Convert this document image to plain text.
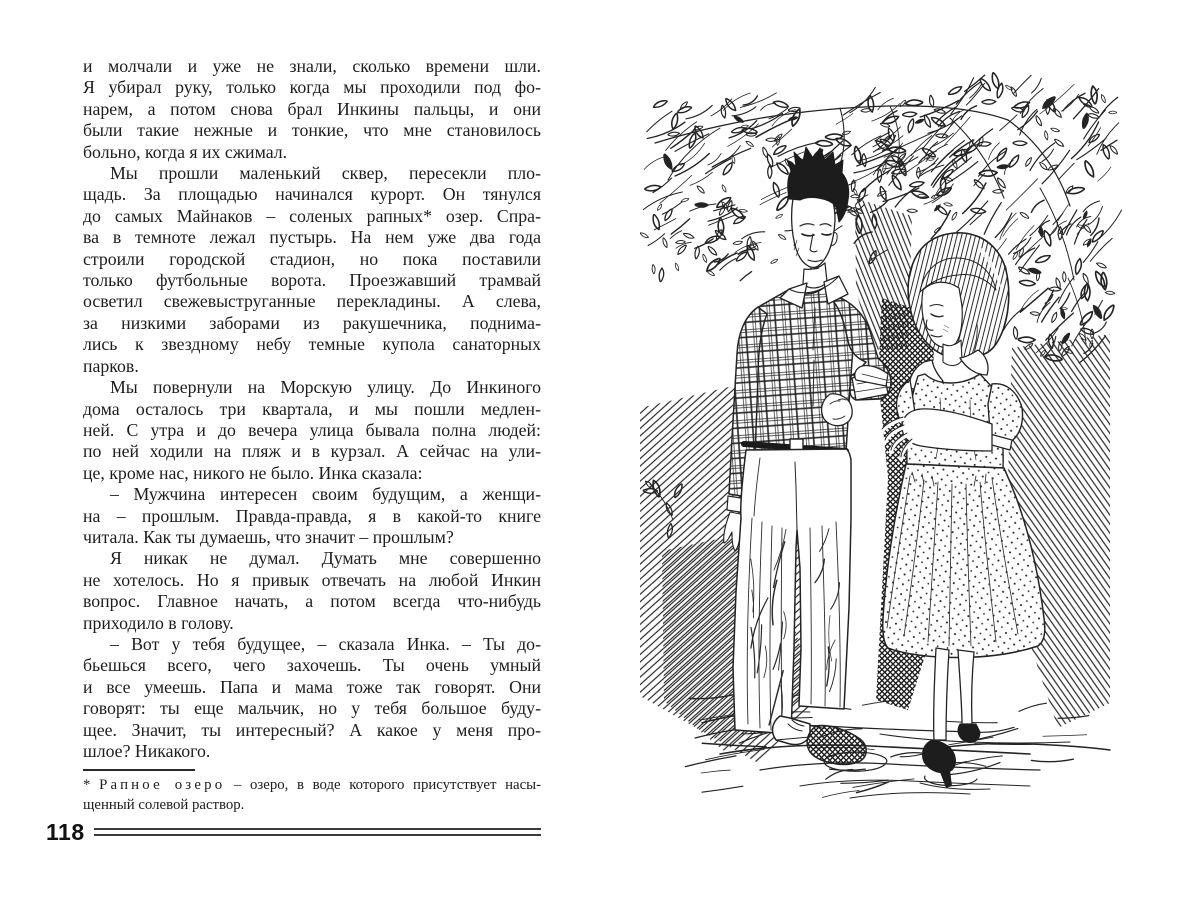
и молчали и уже не знали, сколько времени шли.
Я убирал руку, только когда мы проходили под фо-
нарем, а потом снова брал Инкины пальцы, и они
были такие нежные и тонкие, что мне становилось
больно, когда я их сжимал.
Мы прошли маленький сквер, пересекли пло-
щадь. За площадью начинался курорт. Он тянулся
до самых Майнаков – соленых рапных* озер. Спра-
ва в темноте лежал пустырь. На нем уже два года
строили городской стадион, но пока поставили
только футбольные ворота. Проезжавший трамвай
осветил свежевыструганные перекладины. А слева,
за низкими заборами из ракушечника, поднима-
лись к звездному небу темные купола санаторных
парков.
Мы повернули на Морскую улицу. До Инкиного
дома осталось три квартала, и мы пошли медлен-
ней. С утра и до вечера улица бывала полна людей:
по ней ходили на пляж и в курзал. А сейчас на ули-
це, кроме нас, никого не было. Инка сказала:
– Мужчина интересен своим будущим, а женщи-
на – прошлым. Правда-правда, я в какой-то книге
читала. Как ты думаешь, что значит – прошлым?
Я никак не думал. Думать мне совершенно
не хотелось. Но я привык отвечать на любой Инкин
вопрос. Главное начать, а потом всегда что-нибудь
приходило в голову.
– Вот у тебя будущее, – сказала Инка. – Ты до-
бьешься всего, чего захочешь. Ты очень умный
и все умеешь. Папа и мама тоже так говорят. Они
говорят: ты еще мальчик, но у тебя большое буду-
щее. Значит, ты интересный? А какое у меня про-
шлое? Никакого.
* Рапное озеро – озеро, в воде которого присутствует насы-
щенный солевой раствор.
118
